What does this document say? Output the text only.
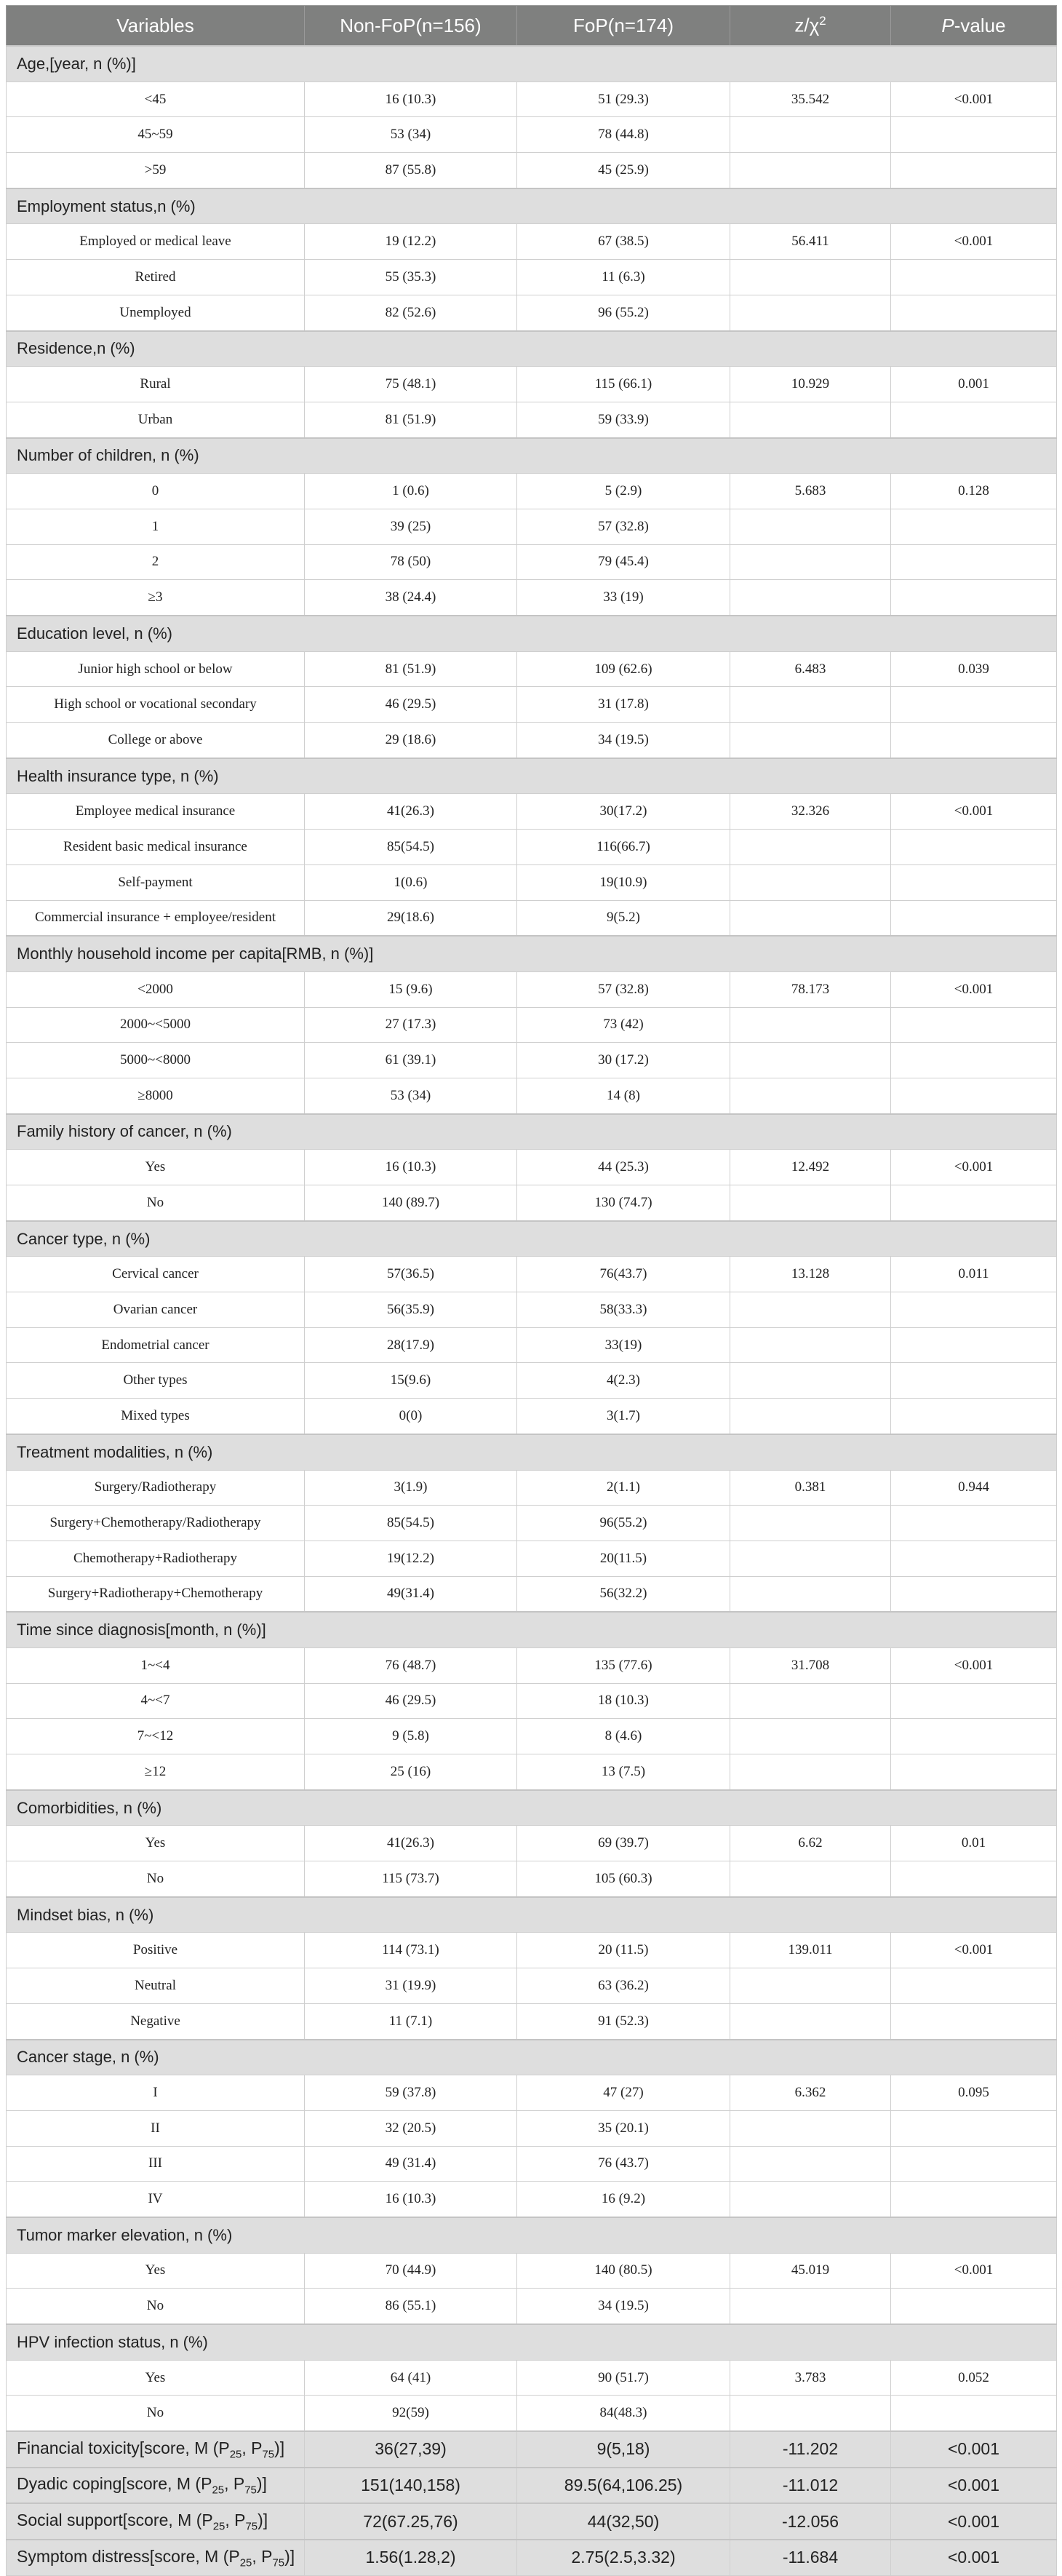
Variables	Non-FoP(n=156)	FoP(n=174)	$z/\chi^2$	P-value
Age,[year, n (%)]				
<45	16 (10.3)	51 (29.3)	35.542	<0.001
45~59	53 (34)	78 (44.8)		
>59	87 (55.8)	45 (25.9)		
Employment status,n (%)				
Employed or medical leave	19 (12.2)	67 (38.5)	56.411	<0.001
Retired	55 (35.3)	11 (6.3)		
Unemployed	82 (52.6)	96 (55.2)		
Residence,n (%)				
Rural	75 (48.1)	115 (66.1)	10.929	0.001
Urban	81 (51.9)	59 (33.9)		
Number of children, n (%)				
0	1 (0.6)	5 (2.9)	5.683	0.128
1	39 (25)	57 (32.8)		
2	78 (50)	79 (45.4)		
≥3	38 (24.4)	33 (19)		
Education level, n (%)				
Junior high school or below	81 (51.9)	109 (62.6)	6.483	0.039
High school or vocational secondary	46 (29.5)	31 (17.8)		
College or above	29 (18.6)	34 (19.5)		
Health insurance type, n (%)				
Employee medical insurance	41(26.3)	30(17.2)	32.326	<0.001
Resident basic medical insurance	85(54.5)	116(66.7)		
Self-payment	1(0.6)	19(10.9)		
Commercial insurance + employee/resident	29(18.6)	9(5.2)		
Monthly household income per capita[RMB, n (%)]				
<2000	15 (9.6)	57 (32.8)	78.173	<0.001
2000~<5000	27 (17.3)	73 (42)		
5000~<8000	61 (39.1)	30 (17.2)		
≥8000	53 (34)	14 (8)		
Family history of cancer, n (%)				
Yes	16 (10.3)	44 (25.3)	12.492	<0.001
No	140 (89.7)	130 (74.7)		
Cancer type, n (%)				
Cervical cancer	57(36.5)	76(43.7)	13.128	0.011
Ovarian cancer	56(35.9)	58(33.3)		
Endometrial cancer	28(17.9)	33(19)		
Other types	15(9.6)	4(2.3)		
Mixed types	0(0)	3(1.7)		
Treatment modalities, n (%)				
Surgery/Radiotherapy	3(1.9)	2(1.1)	0.381	0.944
Surgery+Chemotherapy/Radiotherapy	85(54.5)	96(55.2)		
Chemotherapy+Radiotherapy	19(12.2)	20(11.5)		
Surgery+Radiotherapy+Chemotherapy	49(31.4)	56(32.2)		
Time since diagnosis[month, n (%)]				
1~<4	76 (48.7)	135 (77.6)	31.708	<0.001
4~<7	46 (29.5)	18 (10.3)		
7~<12	9 (5.8)	8 (4.6)		
≥12	25 (16)	13 (7.5)		
Comorbidities, n (%)				
Yes	41(26.3)	69 (39.7)	6.62	0.01
No	115 (73.7)	105 (60.3)		
Mindset bias, n (%)				
Positive	114 (73.1)	20 (11.5)	139.011	<0.001
Neutral	31 (19.9)	63 (36.2)		
Negative	11 (7.1)	91 (52.3)		
Cancer stage, n (%)				
I	59 (37.8)	47 (27)	6.362	0.095
II	32 (20.5)	35 (20.1)		
III	49 (31.4)	76 (43.7)		
IV	16 (10.3)	16 (9.2)		
Tumor marker elevation, n (%)				
Yes	70 (44.9)	140 (80.5)	45.019	<0.001
No	86 (55.1)	34 (19.5)		
HPV infection status, n (%)				
Yes	64 (41)	90 (51.7)	3.783	0.052
No	92(59)	84(48.3)		
Financial toxicity[score, M ($P_{25}$, $P_{75}$)]	36(27,39)	9(5,18)	-11.202	<0.001
Dyadic coping[score, M ($P_{25}$, $P_{75}$)]	151(140,158)	89.5(64,106.25)	-11.012	<0.001
Social support[score, M ($P_{25}$, $P_{75}$)]	72(67.25,76)	44(32,50)	-12.056	<0.001
Symptom distress[score, M ($P_{25}$, $P_{75}$)]	1.56(1.28,2)	2.75(2.5,3.32)	-11.684	<0.001
